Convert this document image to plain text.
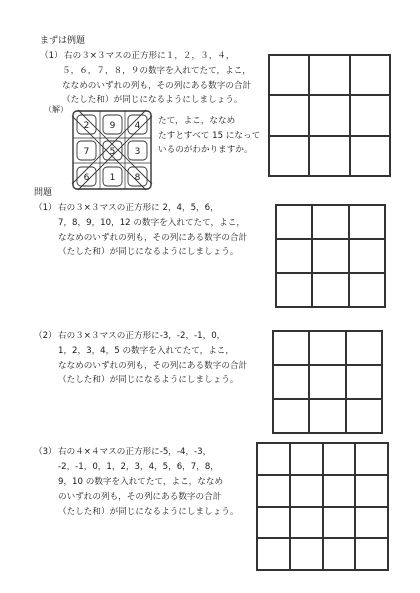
まずは例題
（1） 右の３×３マスの正方形に１，２，３，４，
５，６，７，８，９の数字を入れてたて，よこ，
ななめのいずれの列も，その列にある数字の合計
（たした和）が同じになるようにしましょう。
（解）
2 9 4
7 5 3
6 1 8
たて，よこ，ななめ
たすとすべて 15 になって
いるのがわかりますか。
問題
（1） 右の３×３マスの正方形に 2，4，5，6，
7，8，9，10，12 の数字を入れてたて，よこ，
ななめのいずれの列も，その列にある数字の合計
（たした和）が同じになるようにしましょう。
（2） 右の３×３マスの正方形に-3，-2，-1，0，
1，2，3，4，5 の数字を入れてたて，よこ，
ななめのいずれの列も，その列にある数字の合計
（たした和）が同じになるようにしましょう。
（3） 右の４×４マスの正方形に-5，-4，-3，
-2，-1，0，1，2，3，4，5，6，7，8，
9，10 の数字を入れてたて，よこ，ななめ
のいずれの列も，その列にある数字の合計
（たした和）が同じになるようにしましょう。
